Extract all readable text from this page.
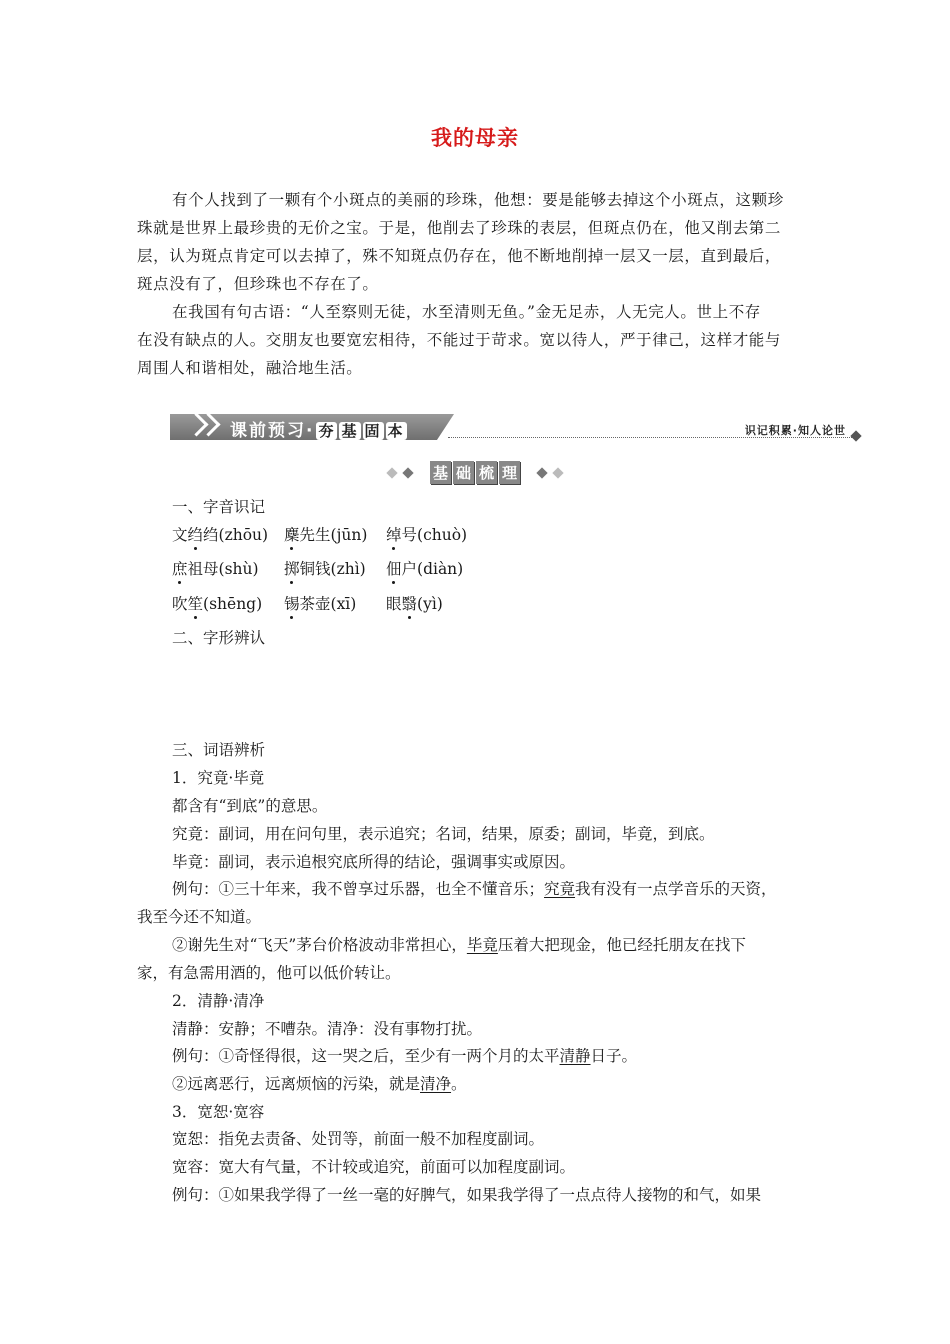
我的母亲
有个人找到了一颗有个小斑点的美丽的珍珠，他想：要是能够去掉这个小斑点，这颗珍
珠就是世界上最珍贵的无价之宝。于是，他削去了珍珠的表层，但斑点仍在，他又削去第二
层，认为斑点肯定可以去掉了，殊不知斑点仍存在，他不断地削掉一层又一层，直到最后，
斑点没有了，但珍珠也不存在了。
在我国有句古语：“人至察则无徒，水至清则无鱼。”金无足赤，人无完人。世上不存
在没有缺点的人。交朋友也要宽宏相待，不能过于苛求。宽以待人，严于律己，这样才能与
周围人和谐相处，融洽地生活。
课前预习· 夯 基 固 本	识记积累·知人论世
基 础 梳 理
一、字音识记
文绉绉(zhōu) 麇先生(jūn) 绰号(chuò)
庶祖母(shù) 掷铜钱(zhì) 佃户(diàn)
吹笙(shēng) 锡茶壶(xī) 眼翳(yì)
二、字形辨认
三、词语辨析
1．究竟·毕竟
都含有“到底”的意思。
究竟：副词，用在问句里，表示追究；名词，结果，原委；副词，毕竟，到底。
毕竟：副词，表示追根究底所得的结论，强调事实或原因。
例句：①三十年来，我不曾享过乐器，也全不懂音乐；究竟我有没有一点学音乐的天资，
我至今还不知道。
②谢先生对“飞天”茅台价格波动非常担心，毕竟压着大把现金，他已经托朋友在找下
家，有急需用酒的，他可以低价转让。
2．清静·清净
清静：安静；不嘈杂。清净：没有事物打扰。
例句：①奇怪得很，这一哭之后，至少有一两个月的太平清静日子。
②远离恶行，远离烦恼的污染，就是清净。
3．宽恕·宽容
宽恕：指免去责备、处罚等，前面一般不加程度副词。
宽容：宽大有气量，不计较或追究，前面可以加程度副词。
例句：①如果我学得了一丝一毫的好脾气，如果我学得了一点点待人接物的和气，如果
